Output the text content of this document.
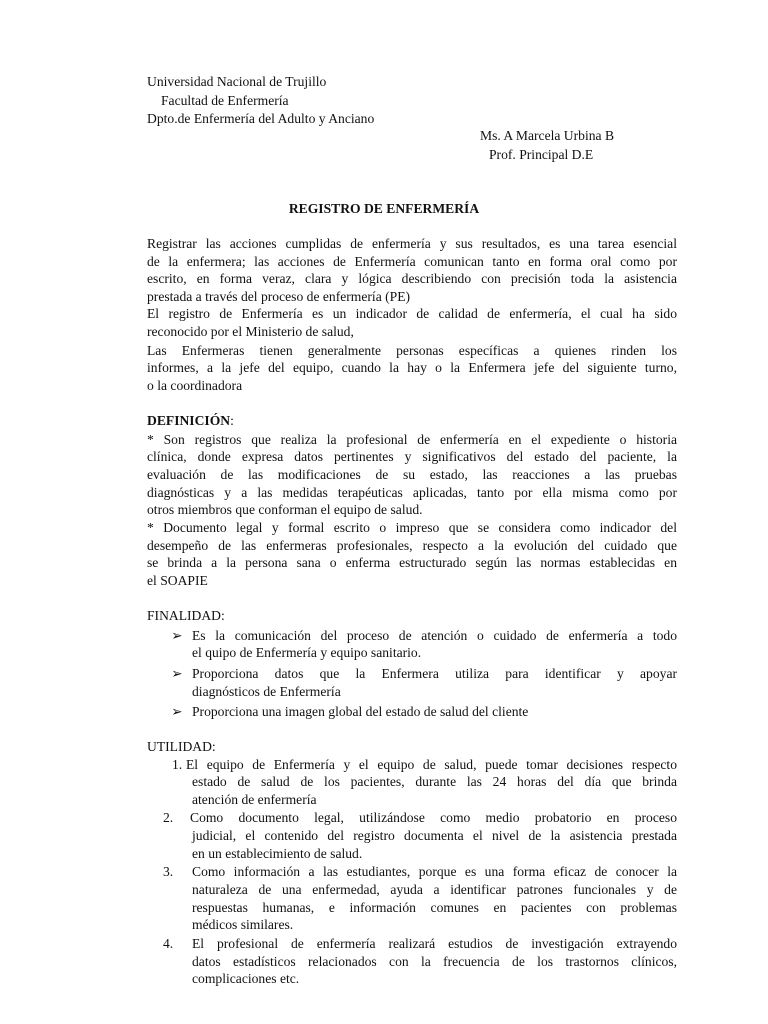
Universidad Nacional de Trujillo
Facultad de Enfermería
Dpto.de Enfermería del Adulto y Anciano
Ms. A Marcela Urbina B
Prof. Principal D.E
REGISTRO DE ENFERMERÍA
Registrar las acciones cumplidas de enfermería y sus resultados, es una tarea esencial
de la enfermera; las acciones de Enfermería comunican tanto en forma oral como por
escrito, en forma veraz, clara y lógica describiendo con precisión toda la asistencia
prestada a través del proceso de enfermería (PE)
El registro de Enfermería es un indicador de calidad de enfermería, el cual ha sido
reconocido por el Ministerio de salud,
Las Enfermeras tienen generalmente personas específicas a quienes rinden los
informes, a la jefe del equipo, cuando la hay o la Enfermera jefe del siguiente turno,
o la coordinadora
DEFINICIÓN:
* Son registros que realiza la profesional de enfermería en el expediente o historia
clínica, donde expresa datos pertinentes y significativos del estado del paciente, la
evaluación de las modificaciones de su estado, las reacciones a las pruebas
diagnósticas y a las medidas terapéuticas aplicadas, tanto por ella misma como por
otros miembros que conforman el equipo de salud.
* Documento legal y formal escrito o impreso que se considera como indicador del
desempeño de las enfermeras profesionales, respecto a la evolución del cuidado que
se brinda a la persona sana o enferma estructurado según las normas establecidas en
el SOAPIE
FINALIDAD:
➢ Es la comunicación del proceso de atención o cuidado de enfermería a todo
el quipo de Enfermería y equipo sanitario.
➢ Proporciona datos que la Enfermera utiliza para identificar y apoyar
diagnósticos de Enfermería
➢ Proporciona una imagen global del estado de salud del cliente
UTILIDAD:
1. El equipo de Enfermería y el equipo de salud, puede tomar decisiones respecto
estado de salud de los pacientes, durante las 24 horas del día que brinda
atención de enfermería
2. Como documento legal, utilizándose como medio probatorio en proceso
judicial, el contenido del registro documenta el nivel de la asistencia prestada
en un establecimiento de salud.
3. Como información a las estudiantes, porque es una forma eficaz de conocer la
naturaleza de una enfermedad, ayuda a identificar patrones funcionales y de
respuestas humanas, e información comunes en pacientes con problemas
médicos similares.
4. El profesional de enfermería realizará estudios de investigación extrayendo
datos estadísticos relacionados con la frecuencia de los trastornos clínicos,
complicaciones etc.
